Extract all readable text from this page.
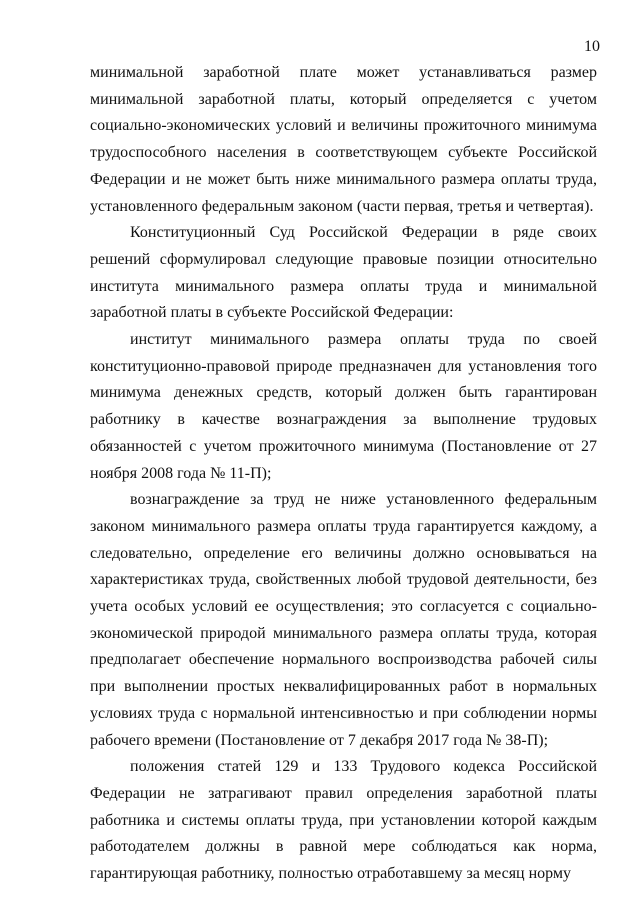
10

минимальной заработной плате может устанавливаться размер минимальной заработной платы, который определяется с учетом социально-экономических условий и величины прожиточного минимума трудоспособного населения в соответствующем субъекте Российской Федерации и не может быть ниже минимального размера оплаты труда, установленного федеральным законом (части первая, третья и четвертая).

Конституционный Суд Российской Федерации в ряде своих решений сформулировал следующие правовые позиции относительно института минимального размера оплаты труда и минимальной заработной платы в субъекте Российской Федерации:

институт минимального размера оплаты труда по своей конституционно-правовой природе предназначен для установления того минимума денежных средств, который должен быть гарантирован работнику в качестве вознаграждения за выполнение трудовых обязанностей с учетом прожиточного минимума (Постановление от 27 ноября 2008 года № 11-П);

вознаграждение за труд не ниже установленного федеральным законом минимального размера оплаты труда гарантируется каждому, а следовательно, определение его величины должно основываться на характеристиках труда, свойственных любой трудовой деятельности, без учета особых условий ее осуществления; это согласуется с социально-экономической природой минимального размера оплаты труда, которая предполагает обеспечение нормального воспроизводства рабочей силы при выполнении простых неквалифицированных работ в нормальных условиях труда с нормальной интенсивностью и при соблюдении нормы рабочего времени (Постановление от 7 декабря 2017 года № 38-П);

положения статей 129 и 133 Трудового кодекса Российской Федерации не затрагивают правил определения заработной платы работника и системы оплаты труда, при установлении которой каждым работодателем должны в равной мере соблюдаться как норма, гарантирующая работнику, полностью отработавшему за месяц норму
